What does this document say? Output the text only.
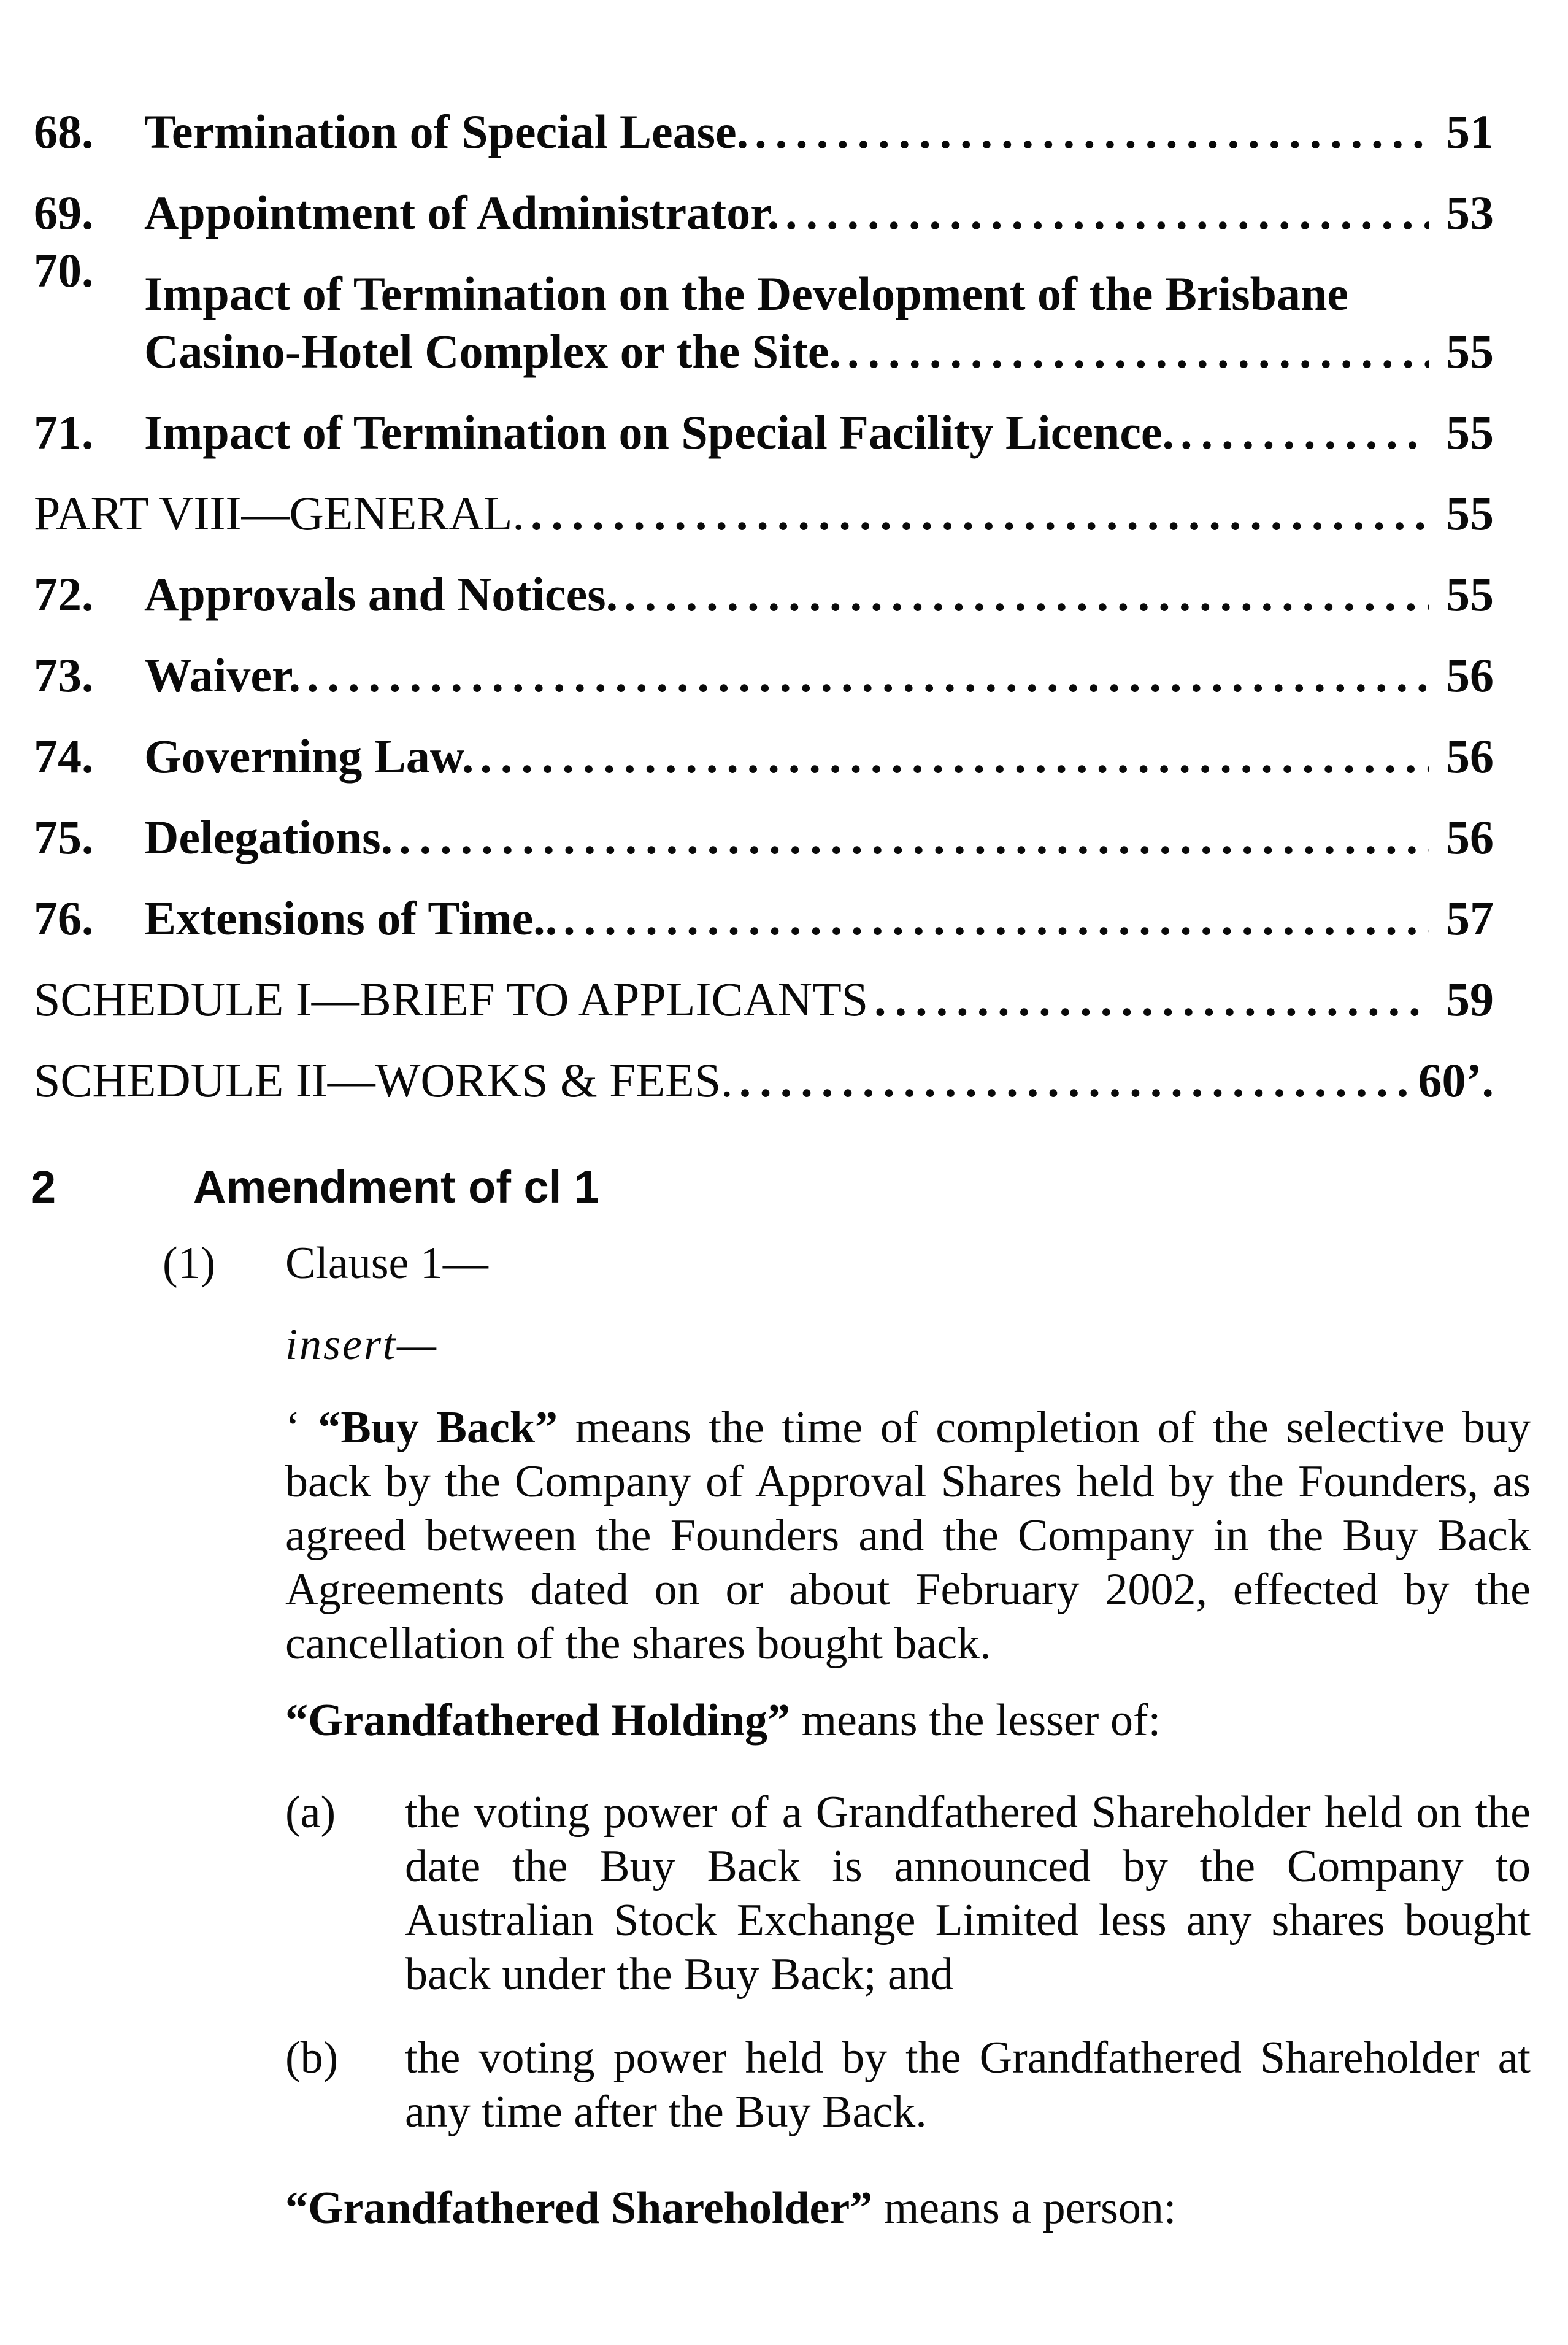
68.	Termination of Special Lease. .....	51
69.	Appointment of Administrator. .....	53
70.	Impact of Termination on the Development of the Brisbane
Casino-Hotel Complex or the Site. .....	55
71.	Impact of Termination on Special Facility Licence. .....	55
PART VIII—GENERAL. .....	55
72.	Approvals and Notices. .....	55
73.	Waiver. .....	56
74.	Governing Law. .....	56
75.	Delegations. .....	56
76.	Extensions of Time.. .....	57
SCHEDULE I—BRIEF TO APPLICANTS .....	59
SCHEDULE II—WORKS & FEES. .....	60’.
2	Amendment of cl 1
(1) Clause 1—
insert—
‘ “Buy Back” means the time of completion of the selective buy back by the Company of Approval Shares held by the Founders, as agreed between the Founders and the Company in the Buy Back Agreements dated on or about February 2002, effected by the cancellation of the shares bought back.
“Grandfathered Holding” means the lesser of:
(a)	the voting power of a Grandfathered Shareholder held on the date the Buy Back is announced by the Company to Australian Stock Exchange Limited less any shares bought back under the Buy Back; and
(b)	the voting power held by the Grandfathered Shareholder at any time after the Buy Back.
“Grandfathered Shareholder” means a person:
